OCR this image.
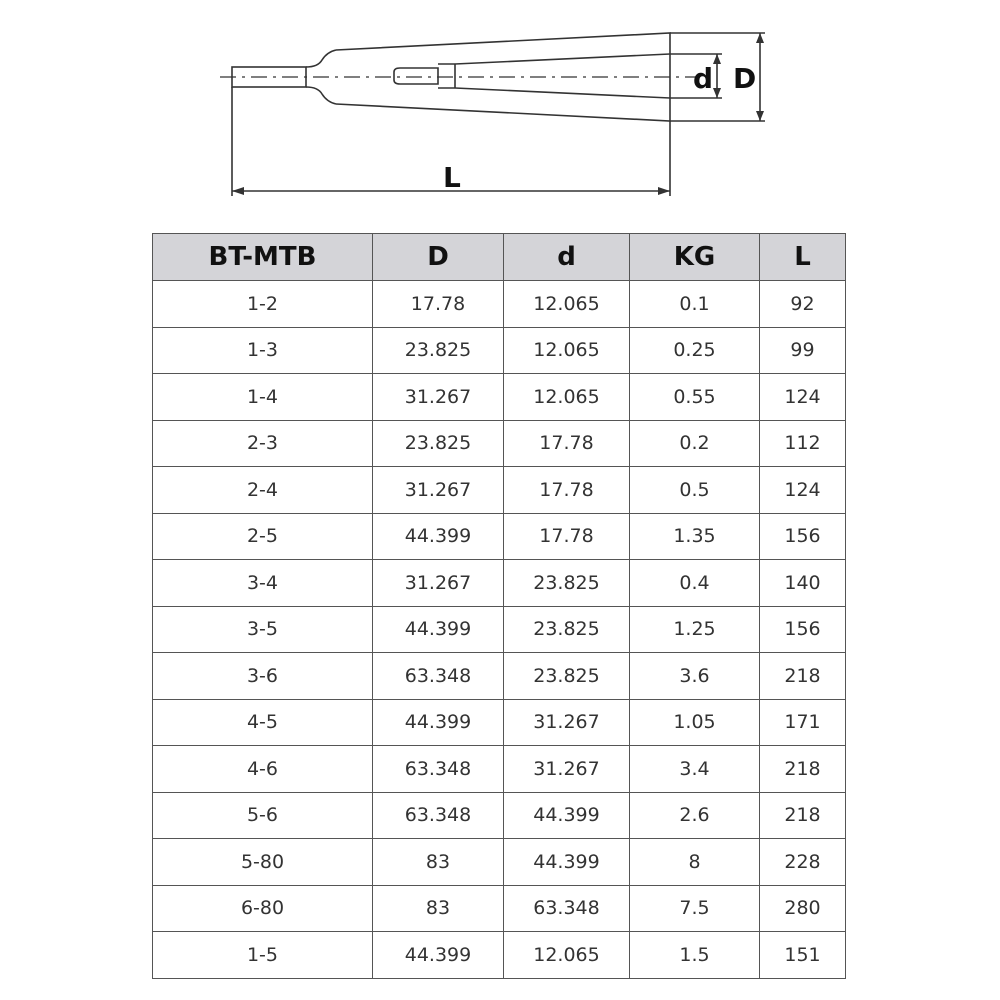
d D
L
BT-MTB	D	d	KG	L
1-2	17.78	12.065	0.1	92
1-3	23.825	12.065	0.25	99
1-4	31.267	12.065	0.55	124
2-3	23.825	17.78	0.2	112
2-4	31.267	17.78	0.5	124
2-5	44.399	17.78	1.35	156
3-4	31.267	23.825	0.4	140
3-5	44.399	23.825	1.25	156
3-6	63.348	23.825	3.6	218
4-5	44.399	31.267	1.05	171
4-6	63.348	31.267	3.4	218
5-6	63.348	44.399	2.6	218
5-80	83	44.399	8	228
6-80	83	63.348	7.5	280
1-5	44.399	12.065	1.5	151
